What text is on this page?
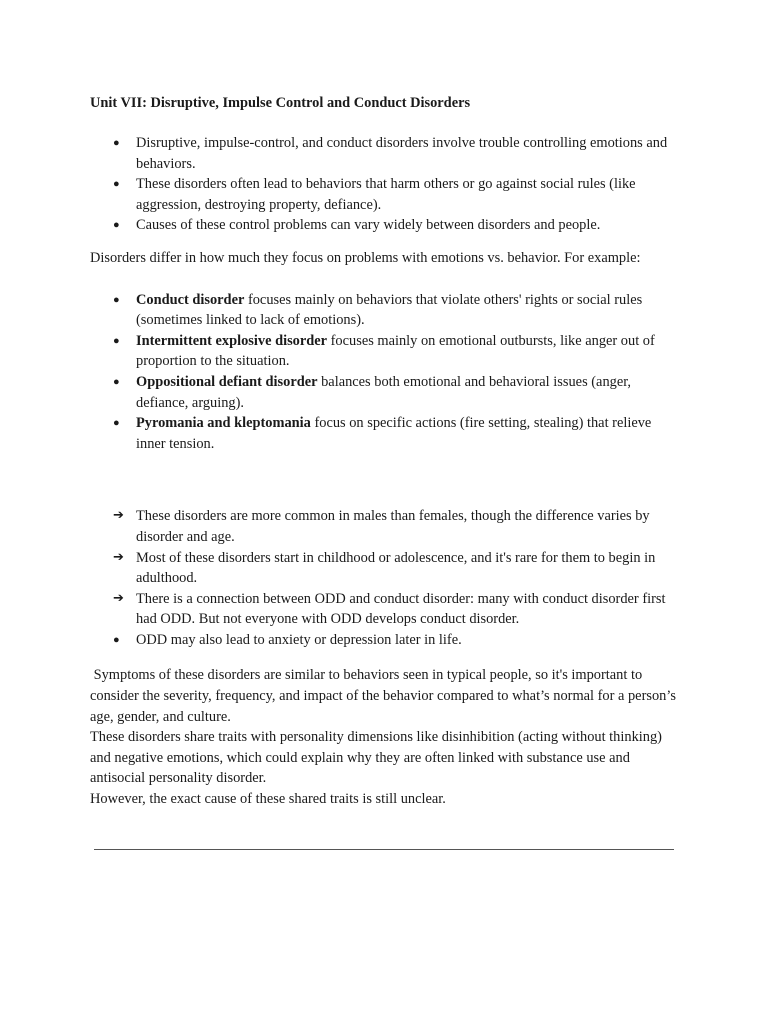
Unit VII: Disruptive, Impulse Control and Conduct Disorders
●	Disruptive, impulse-control, and conduct disorders involve trouble controlling emotions and behaviors.
●	These disorders often lead to behaviors that harm others or go against social rules (like aggression, destroying property, defiance).
●	Causes of these control problems can vary widely between disorders and people.

Disorders differ in how much they focus on problems with emotions vs. behavior. For example:

●	Conduct disorder focuses mainly on behaviors that violate others' rights or social rules (sometimes linked to lack of emotions).
●	Intermittent explosive disorder focuses mainly on emotional outbursts, like anger out of proportion to the situation.
●	Oppositional defiant disorder balances both emotional and behavioral issues (anger, defiance, arguing).
●	Pyromania and kleptomania focus on specific actions (fire setting, stealing) that relieve inner tension.
➔ These disorders are more common in males than females, though the difference varies by disorder and age.
➔ Most of these disorders start in childhood or adolescence, and it's rare for them to begin in adulthood.
➔ There is a connection between ODD and conduct disorder: many with conduct disorder first had ODD. But not everyone with ODD develops conduct disorder.
●	ODD may also lead to anxiety or depression later in life.

Symptoms of these disorders are similar to behaviors seen in typical people, so it's important to consider the severity, frequency, and impact of the behavior compared to what’s normal for a person’s age, gender, and culture.

These disorders share traits with personality dimensions like disinhibition (acting without thinking) and negative emotions, which could explain why they are often linked with substance use and antisocial personality disorder.

However, the exact cause of these shared traits is still unclear.
